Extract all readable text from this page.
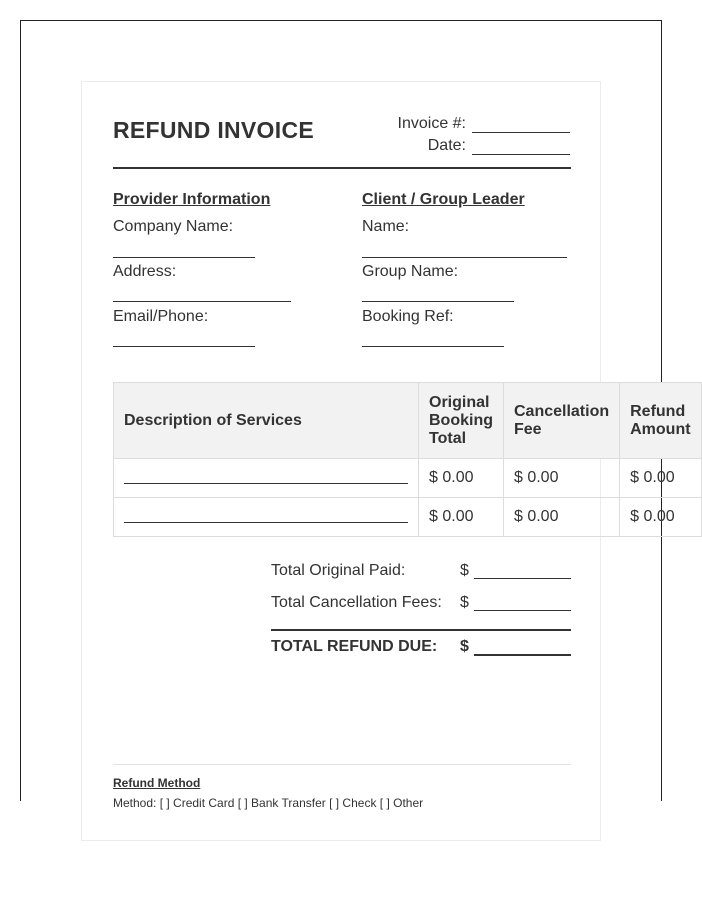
REFUND INVOICE	Invoice #:
Date:
Provider Information
Company Name:
Address:
Email/Phone:
Client / Group Leader
Name:
Group Name:
Booking Ref:
Description of Services	Original Booking Total	Cancellation Fee	Refund Amount

	$ 0.00	$ 0.00	$ 0.00

	$ 0.00	$ 0.00	$ 0.00
Total Original Paid:	$
Total Cancellation Fees: $
TOTAL REFUND DUE: $
Refund Method
Method: [ ] Credit Card [ ] Bank Transfer [ ] Check [ ] Other
